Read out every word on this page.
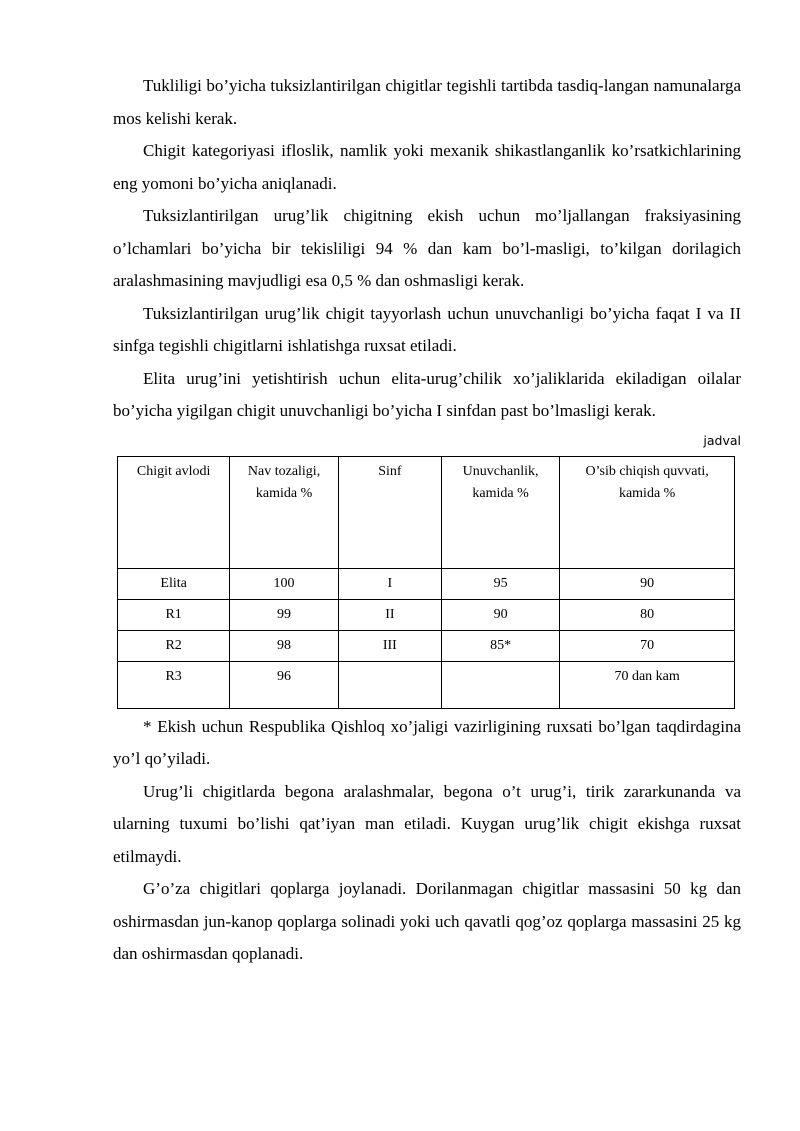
Tukliligi bo’yicha tuksizlantirilgan chigitlar tegishli tartibda tasdiq-langan namunalarga mos kelishi kerak.

Chigit kategoriyasi ifloslik, namlik yoki mexanik shikastlanganlik ko’rsatkichlarining eng yomoni bo’yicha aniqlanadi.

Tuksizlantirilgan urug’lik chigitning ekish uchun mo’ljallangan fraksiyasining o’lchamlari bo’yicha bir tekisliligi 94 % dan kam bo’l-masligi, to’kilgan dorilagich aralashmasining mavjudligi esa 0,5 % dan oshmasligi kerak.

Tuksizlantirilgan urug’lik chigit tayyorlash uchun unuvchanligi bo’yicha faqat I va II sinfga tegishli chigitlarni ishlatishga ruxsat etiladi.

Elita urug’ini yetishtirish uchun elita-urug’chilik xo’jaliklarida ekiladigan oilalar bo’yicha yigilgan chigit unuvchanligi bo’yicha I sinfdan past bo’lmasligi kerak.

jadval
Chigit avlodi	Nav tozaligi, kamida %	Sinf	Unuvchanlik, kamida %	O’sib chiqish quvvati, kamida %
Elita	100	I	95	90
R1	99	II	90	80
R2	98	III	85*	70
R3	96			70 dan kam

* Ekish uchun Respublika Qishloq xo’jaligi vazirligining ruxsati bo’lgan taqdirdagina yo’l qo’yiladi.

Urug’li chigitlarda begona aralashmalar, begona o’t urug’i, tirik zararkunanda va ularning tuxumi bo’lishi qat’iyan man etiladi. Kuygan urug’lik chigit ekishga ruxsat etilmaydi.

G’o’za chigitlari qoplarga joylanadi. Dorilanmagan chigitlar massasini 50 kg dan oshirmasdan jun-kanop qoplarga solinadi yoki uch qavatli qog’oz qoplarga massasini 25 kg dan oshirmasdan qoplanadi.
